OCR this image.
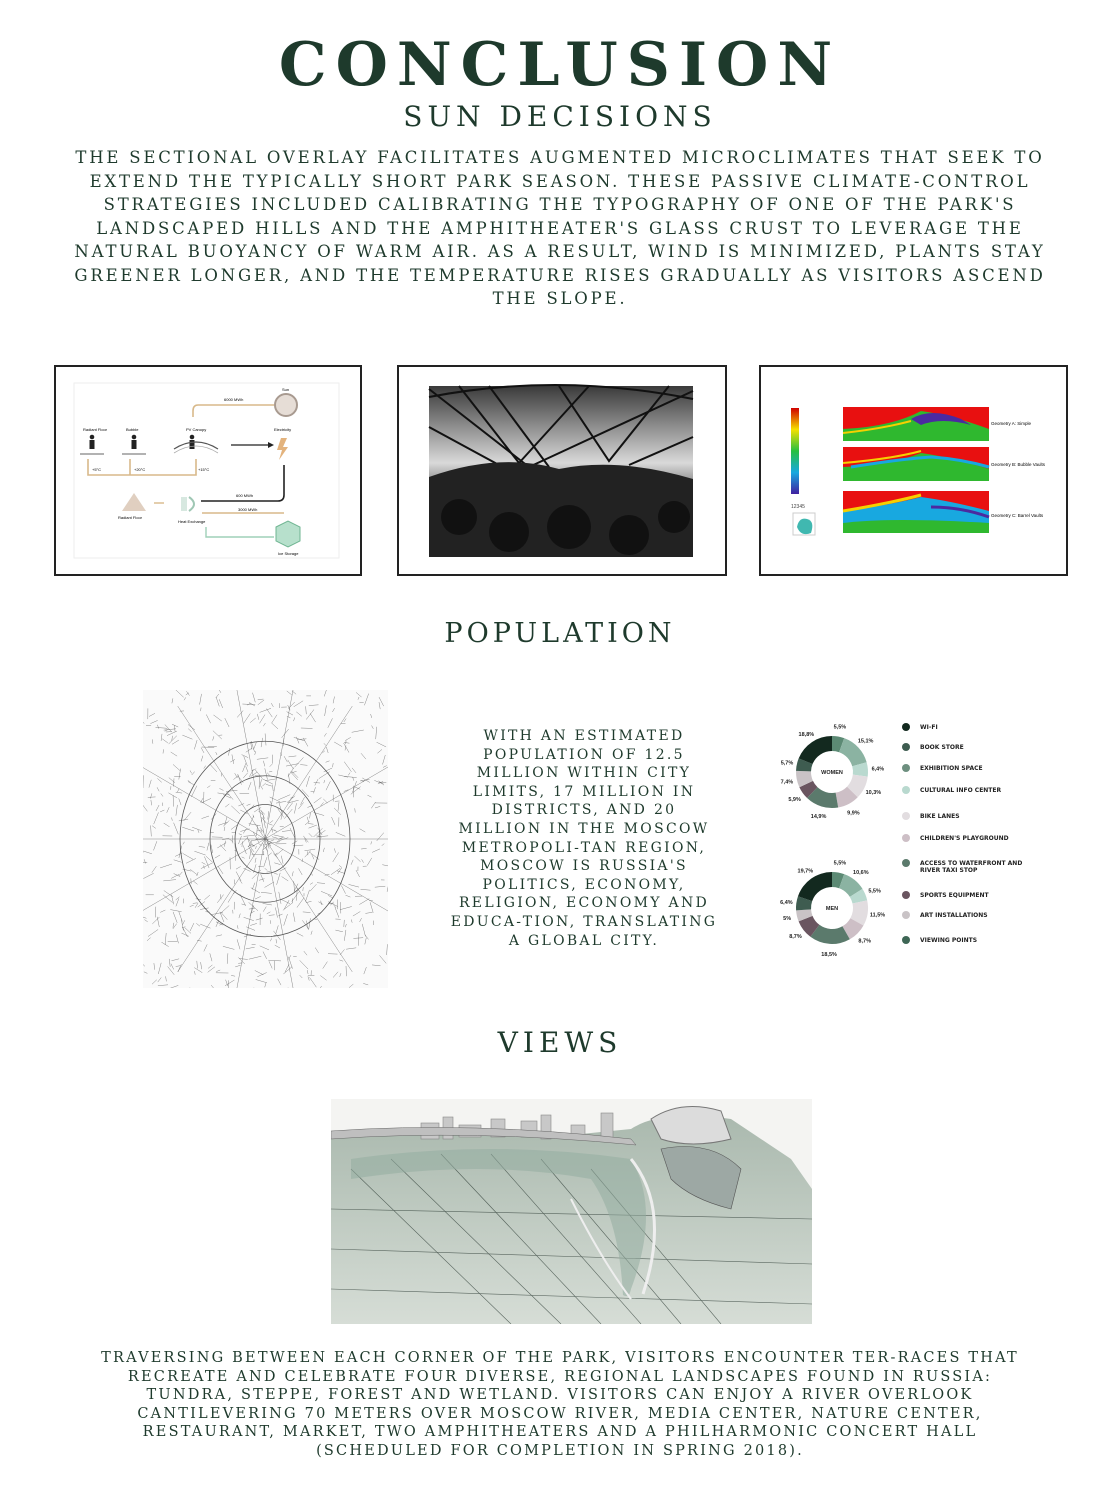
CONCLUSION
SUN DECISIONS

THE SECTIONAL OVERLAY FACILITATES AUGMENTED MICROCLIMATES THAT SEEK TO EXTEND THE TYPICALLY SHORT PARK SEASON. THESE PASSIVE CLIMATE-CONTROL STRATEGIES INCLUDED CALIBRATING THE TYPOGRAPHY OF ONE OF THE PARK'S LANDSCAPED HILLS AND THE AMPHITHEATER'S GLASS CRUST TO LEVERAGE THE NATURAL BUOYANCY OF WARM AIR. AS A RESULT, WIND IS MINIMIZED, PLANTS STAY GREENER LONGER, AND THE TEMPERATURE RISES GRADUALLY AS VISITORS ASCEND THE SLOPE.

Sun
6000 MWh
Radiant Floor	Bubble	PV Canopy	Electricity
+5°C	+20°C	+15°C
600 MWh
3000 MWh
Radiant Floor
Heat Exchange
Ice Storage
Geometry A: Simple
Geometry B: Bubble Vaults
Geometry C: Barrel Vaults
12345
POPULATION

WITH AN ESTIMATED POPULATION OF 12.5 MILLION WITHIN CITY LIMITS, 17 MILLION IN DISTRICTS, AND 20 MILLION IN THE MOSCOW METROPOLI-TAN REGION, MOSCOW IS RUSSIA'S POLITICS, ECONOMY, RELIGION, ECONOMY AND EDUCA-TION, TRANSLATING A GLOBAL CITY.

5,5%
15,1%
6,4%
10,3%
9,9%
14,9%
5,9%
7,4%
5,7%
18,8%
WOMEN
5,5%
10,6%
5,5%
11,5%
8,7%
18,5%
8,7%
5%
6,4%
19,7%
MEN
WI-FI
BOOK STORE
EXHIBITION SPACE
CULTURAL INFO CENTER
BIKE LANES
CHILDREN'S PLAYGROUND
ACCESS TO WATERFRONT AND RIVER TAXI STOP
SPORTS EQUIPMENT
ART INSTALLATIONS
VIEWING POINTS
VIEWS

TRAVERSING BETWEEN EACH CORNER OF THE PARK, VISITORS ENCOUNTER TER-RACES THAT RECREATE AND CELEBRATE FOUR DIVERSE, REGIONAL LANDSCAPES FOUND IN RUSSIA: TUNDRA, STEPPE, FOREST AND WETLAND. VISITORS CAN ENJOY A RIVER OVERLOOK CANTILEVERING 70 METERS OVER MOSCOW RIVER, MEDIA CENTER, NATURE CENTER, RESTAURANT, MARKET, TWO AMPHITHEATERS AND A PHILHARMONIC CONCERT HALL (SCHEDULED FOR COMPLETION IN SPRING 2018).
